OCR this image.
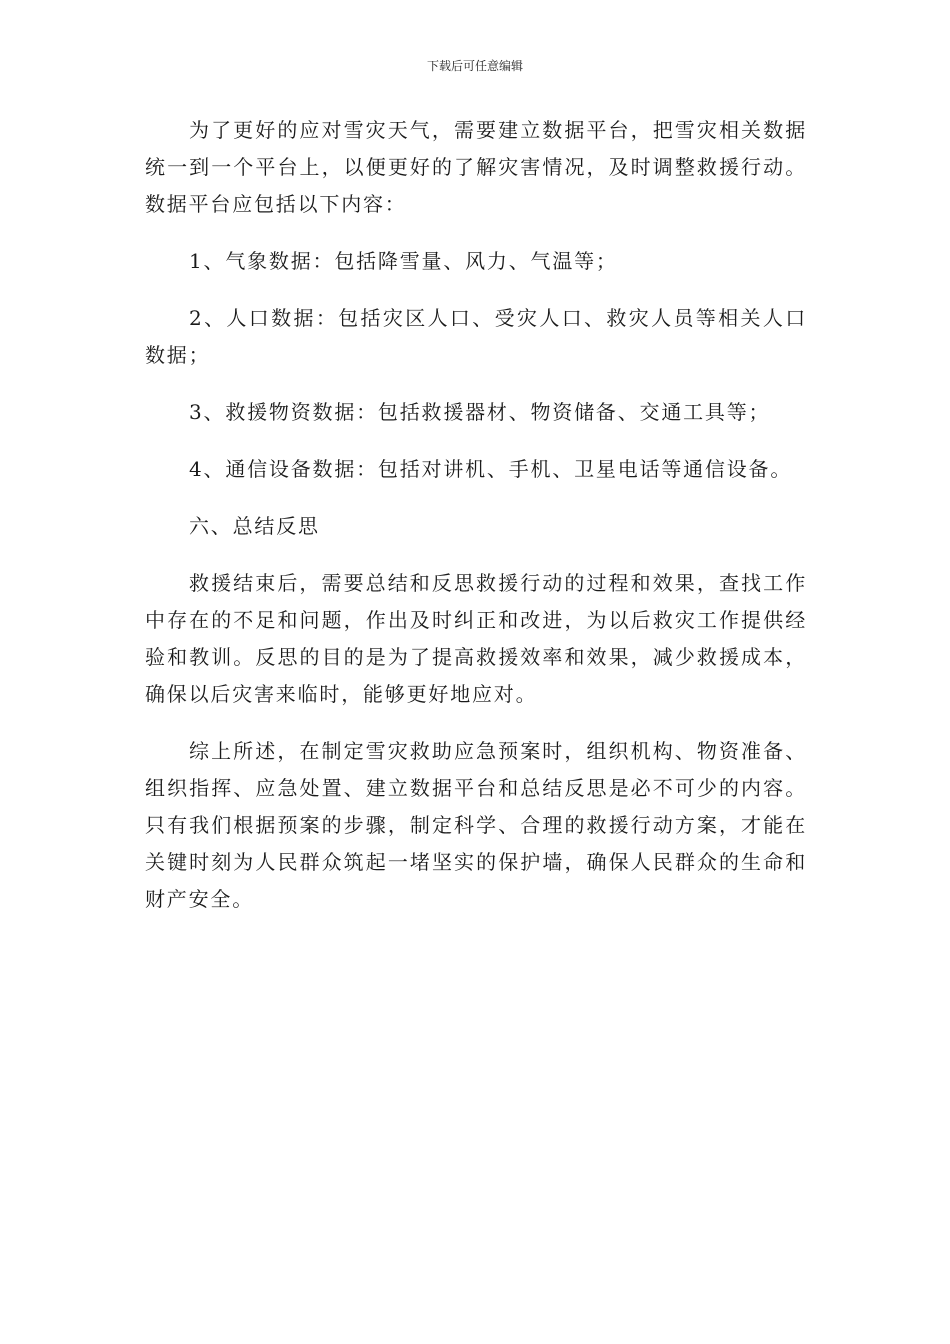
下载后可任意编辑

为了更好的应对雪灾天气，需要建立数据平台，把雪灾相关数据统一到一个平台上，以便更好的了解灾害情况，及时调整救援行动。数据平台应包括以下内容：

1、气象数据：包括降雪量、风力、气温等；

2、人口数据：包括灾区人口、受灾人口、救灾人员等相关人口数据；

3、救援物资数据：包括救援器材、物资储备、交通工具等；

4、通信设备数据：包括对讲机、手机、卫星电话等通信设备。

六、总结反思

救援结束后，需要总结和反思救援行动的过程和效果，查找工作中存在的不足和问题，作出及时纠正和改进，为以后救灾工作提供经验和教训。反思的目的是为了提高救援效率和效果，减少救援成本，确保以后灾害来临时，能够更好地应对。

综上所述，在制定雪灾救助应急预案时，组织机构、物资准备、组织指挥、应急处置、建立数据平台和总结反思是必不可少的内容。只有我们根据预案的步骤，制定科学、合理的救援行动方案，才能在关键时刻为人民群众筑起一堵坚实的保护墙，确保人民群众的生命和财产安全。
